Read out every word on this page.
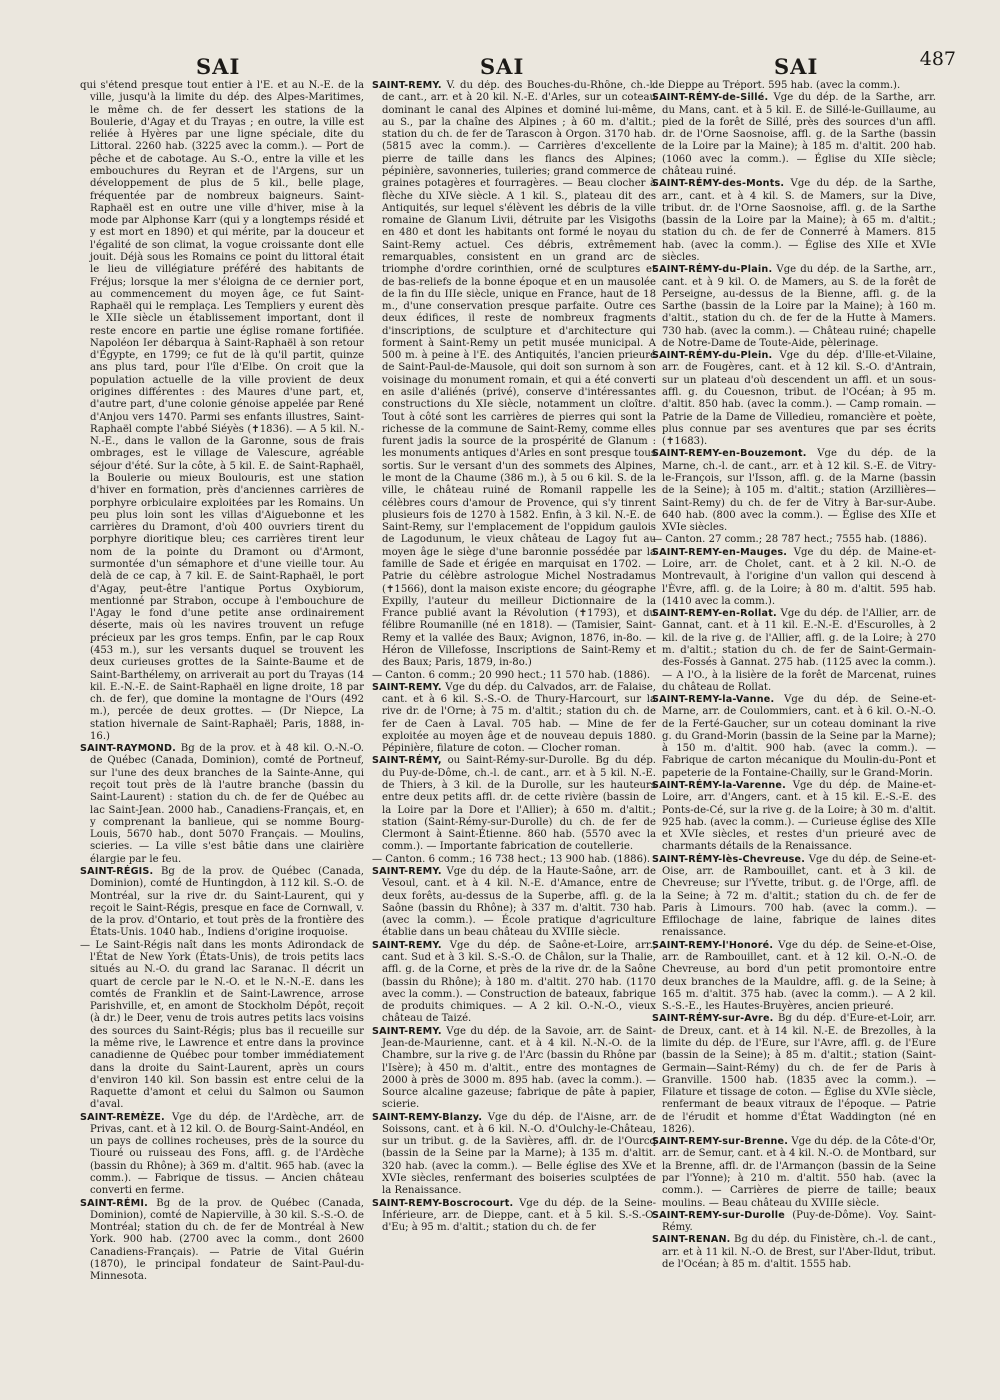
SAI	SAI	SAI	487

qui s'étend presque tout entier à l'E. et au N.-E. de la ville, jusqu'à la limite du dép. des Alpes-Maritimes, le même ch. de fer dessert les stations de la Boulerie, d'Agay et du Trayas ; en outre, la ville est reliée à Hyères par une ligne spéciale, dite du Littoral. 2260 hab. (3225 avec la comm.). — Port de pêche et de cabotage. Au S.-O., entre la ville et les embouchures du Reyran et de l'Argens, sur un développement de plus de 5 kil., belle plage, fréquentée par de nombreux baigneurs. Saint-Raphaël est en outre une ville d'hiver, mise à la mode par Alphonse Karr (qui y a longtemps résidé et y est mort en 1890) et qui mérite, par la douceur et l'égalité de son climat, la vogue croissante dont elle jouit. Déjà sous les Romains ce point du littoral était le lieu de villégiature préféré des habitants de Fréjus; lorsque la mer s'éloigna de ce dernier port, au commencement du moyen âge, ce fut Saint-Raphaël qui le remplaça. Les Templiers y eurent dès le XIIe siècle un établissement important, dont il reste encore en partie une église romane fortifiée. Napoléon Ier débarqua à Saint-Raphaël à son retour d'Égypte, en 1799; ce fut de là qu'il partit, quinze ans plus tard, pour l'île d'Elbe. On croit que la population actuelle de la ville provient de deux origines différentes : des Maures d'une part, et, d'autre part, d'une colonie génoise appelée par René d'Anjou vers 1470. Parmi ses enfants illustres, Saint-Raphaël compte l'abbé Siéyès (✝1836). — A 5 kil. N.-N.-E., dans le vallon de la Garonne, sous de frais ombrages, est le village de Valescure, agréable séjour d'été. Sur la côte, à 5 kil. E. de Saint-Raphaël, la Boulerie ou mieux Boulouris, est une station d'hiver en formation, près d'anciennes carrières de porphyre orbiculaire exploitées par les Romains. Un peu plus loin sont les villas d'Aiguebonne et les carrières du Dramont, d'où 400 ouvriers tirent du porphyre dioritique bleu; ces carrières tirent leur nom de la pointe du Dramont ou d'Armont, surmontée d'un sémaphore et d'une vieille tour. Au delà de ce cap, à 7 kil. E. de Saint-Raphaël, le port d'Agay, peut-être l'antique Portus Oxybiorum, mentionné par Strabon, occupe à l'embouchure de l'Agay le fond d'une petite anse ordinairement déserte, mais où les navires trouvent un refuge précieux par les gros temps. Enfin, par le cap Roux (453 m.), sur les versants duquel se trouvent les deux curieuses grottes de la Sainte-Baume et de Saint-Barthélemy, on arriverait au port du Trayas (14 kil. E.-N.-E. de Saint-Raphaël en ligne droite, 18 par ch. de fer), que domine la montagne de l'Ours (492 m.), percée de deux grottes. — (Dr Niepce, La station hivernale de Saint-Raphaël; Paris, 1888, in-16.)

SAINT-RAYMOND. Bg de la prov. et à 48 kil. O.-N.-O. de Québec (Canada, Dominion), comté de Portneuf, sur l'une des deux branches de la Sainte-Anne, qui reçoit tout près de là l'autre branche (bassin du Saint-Laurent) : station du ch. de fer de Québec au lac Saint-Jean. 2000 hab., Canadiens-Français, et, en y comprenant la banlieue, qui se nomme Bourg-Louis, 5670 hab., dont 5070 Français. — Moulins, scieries. — La ville s'est bâtie dans une clairière élargie par le feu.

SAINT-RÉGIS. Bg de la prov. de Québec (Canada, Dominion), comté de Huntingdon, à 112 kil. S.-O. de Montréal, sur la rive dr. du Saint-Laurent, qui y reçoit le Saint-Régis, presque en face de Cornwall, v. de la prov. d'Ontario, et tout près de la frontière des États-Unis. 1040 hab., Indiens d'origine iroquoise.

— Le Saint-Régis naît dans les monts Adirondack de l'État de New York (États-Unis), de trois petits lacs situés au N.-O. du grand lac Saranac. Il décrit un quart de cercle par le N.-O. et le N.-N.-E. dans les comtés de Franklin et de Saint-Lawrence, arrose Parishville, et, en amont de Stockholm Dépôt, reçoit (à dr.) le Deer, venu de trois autres petits lacs voisins des sources du Saint-Régis; plus bas il recueille sur la même rive, le Lawrence et entre dans la province canadienne de Québec pour tomber immédiatement dans la droite du Saint-Laurent, après un cours d'environ 140 kil. Son bassin est entre celui de la Raquette d'amont et celui du Salmon ou Saumon d'aval.

SAINT-REMÈZE. Vge du dép. de l'Ardèche, arr. de Privas, cant. et à 12 kil. O. de Bourg-Saint-Andéol, en un pays de collines rocheuses, près de la source du Tiouré ou ruisseau des Fons, affl. g. de l'Ardèche (bassin du Rhône); à 369 m. d'altit. 965 hab. (avec la comm.). — Fabrique de tissus. — Ancien château converti en ferme.

SAINT-RÉMI. Bg de la prov. de Québec (Canada, Dominion), comté de Napierville, à 30 kil. S.-S.-O. de Montréal; station du ch. de fer de Montréal à New York. 900 hab. (2700 avec la comm., dont 2600 Canadiens-Français). — Patrie de Vital Guérin (1870), le principal fondateur de Saint-Paul-du-Minnesota.

SAINT-REMY. V. du dép. des Bouches-du-Rhône, ch.-l. de cant., arr. et à 20 kil. N.-E. d'Arles, sur un coteau dominant le canal des Alpines et dominé lui-même, au S., par la chaîne des Alpines ; à 60 m. d'altit.; station du ch. de fer de Tarascon à Orgon. 3170 hab. (5815 avec la comm.). — Carrières d'excellente pierre de taille dans les flancs des Alpines; pépinière, savonneries, tuileries; grand commerce de graines potagères et fourragères. — Beau clocher à flèche du XIVe siècle. A 1 kil. S., plateau dit des Antiquités, sur lequel s'élèvent les débris de la ville romaine de Glanum Livii, détruite par les Visigoths en 480 et dont les habitants ont formé le noyau du Saint-Remy actuel. Ces débris, extrêmement remarquables, consistent en un grand arc de triomphe d'ordre corinthien, orné de sculptures et de bas-reliefs de la bonne époque et en un mausolée de la fin du IIIe siècle, unique en France, haut de 18 m., d'une conservation presque parfaite. Outre ces deux édifices, il reste de nombreux fragments d'inscriptions, de sculpture et d'architecture qui forment à Saint-Remy un petit musée municipal. A 500 m. à peine à l'E. des Antiquités, l'ancien prieuré de Saint-Paul-de-Mausole, qui doit son surnom à son voisinage du monument romain, et qui a été converti en asile d'aliénés (privé), conserve d'intéressantes constructions du XIe siècle, notamment un cloître. Tout à côté sont les carrières de pierres qui sont la richesse de la commune de Saint-Remy, comme elles furent jadis la source de la prospérité de Glanum : les monuments antiques d'Arles en sont presque tous sortis. Sur le versant d'un des sommets des Alpines, le mont de la Chaume (386 m.), à 5 ou 6 kil. S. de la ville, le château ruiné de Romanil rappelle les célèbres cours d'amour de Provence, qui s'y tinrent plusieurs fois de 1270 à 1582. Enfin, à 3 kil. N.-E. de Saint-Remy, sur l'emplacement de l'oppidum gaulois de Lagodunum, le vieux château de Lagoy fut au moyen âge le siège d'une baronnie possédée par la famille de Sade et érigée en marquisat en 1702. — Patrie du célèbre astrologue Michel Nostradamus (✝1566), dont la maison existe encore; du géographe Expilly, l'auteur du meilleur Dictionnaire de la France publié avant la Révolution (✝1793), et du félibre Roumanille (né en 1818). — (Tamisier, Saint-Remy et la vallée des Baux; Avignon, 1876, in-8o. — Héron de Villefosse, Inscriptions de Saint-Remy et des Baux; Paris, 1879, in-8o.)

— Canton. 6 comm.; 20 990 hect.; 11 570 hab. (1886).

SAINT-REMY. Vge du dép. du Calvados, arr. de Falaise, cant. et à 6 kil. S.-S.-O. de Thury-Harcourt, sur la rive dr. de l'Orne; à 75 m. d'altit.; station du ch. de fer de Caen à Laval. 705 hab. — Mine de fer exploitée au moyen âge et de nouveau depuis 1880. Pépinière, filature de coton. — Clocher roman.

SAINT-RÉMY, ou Saint-Rémy-sur-Durolle. Bg du dép. du Puy-de-Dôme, ch.-l. de cant., arr. et à 5 kil. N.-E. de Thiers, à 3 kil. de la Durolle, sur les hauteurs entre deux petits affl. dr. de cette rivière (bassin de la Loire par la Dore et l'Allier); à 650 m. d'altit.; station (Saint-Rémy-sur-Durolle) du ch. de fer de Clermont à Saint-Étienne. 860 hab. (5570 avec la comm.). — Importante fabrication de coutellerie.

— Canton. 6 comm.; 16 738 hect.; 13 900 hab. (1886).

SAINT-REMY. Vge du dép. de la Haute-Saône, arr. de Vesoul, cant. et à 4 kil. N.-E. d'Amance, entre de deux forêts, au-dessus de la Superbe, affl. g. de la Saône (bassin du Rhône); à 337 m. d'altit. 730 hab. (avec la comm.). — École pratique d'agriculture établie dans un beau château du XVIIIe siècle.

SAINT-REMY. Vge du dép. de Saône-et-Loire, arr., cant. Sud et à 3 kil. S.-S.-O. de Châlon, sur la Thalie, affl. g. de la Corne, et près de la rive dr. de la Saône (bassin du Rhône); à 180 m. d'altit. 270 hab. (1170 avec la comm.). — Construction de bateaux, fabrique de produits chimiques. — A 2 kil. O.-N.-O., vieux château de Taizé.

SAINT-REMY. Vge du dép. de la Savoie, arr. de Saint-Jean-de-Maurienne, cant. et à 4 kil. N.-N.-O. de la Chambre, sur la rive g. de l'Arc (bassin du Rhône par l'Isère); à 450 m. d'altit., entre des montagnes de 2000 à près de 3000 m. 895 hab. (avec la comm.). — Source alcaline gazeuse; fabrique de pâte à papier, scierie.

SAINT-REMY-Blanzy. Vge du dép. de l'Aisne, arr. de Soissons, cant. et à 6 kil. N.-O. d'Oulchy-le-Château, sur un tribut. g. de la Savières, affl. dr. de l'Ourcq (bassin de la Seine par la Marne); à 135 m. d'altit. 320 hab. (avec la comm.). — Belle église des XVe et XVIe siècles, renfermant des boiseries sculptées de la Renaissance.

SAINT-REMY-Boscrocourt. Vge du dép. de la Seine-Inférieure, arr. de Dieppe, cant. et à 5 kil. S.-S.-O. d'Eu; à 95 m. d'altit.; station du ch. de fer

de Dieppe au Tréport. 595 hab. (avec la comm.).

SAINT-RÉMY-de-Sillé. Vge du dép. de la Sarthe, arr. du Mans, cant. et à 5 kil. E. de Sillé-le-Guillaume, au pied de la forêt de Sillé, près des sources d'un affl. dr. de l'Orne Saosnoise, affl. g. de la Sarthe (bassin de la Loire par la Maine); à 185 m. d'altit. 200 hab. (1060 avec la comm.). — Église du XIIe siècle; château ruiné.

SAINT-RÉMY-des-Monts. Vge du dép. de la Sarthe, arr., cant. et à 4 kil. S. de Mamers, sur la Dive, tribut. dr. de l'Orne Saosnoise, affl. g. de la Sarthe (bassin de la Loire par la Maine); à 65 m. d'altit.; station du ch. de fer de Connerré à Mamers. 815 hab. (avec la comm.). — Église des XIIe et XVIe siècles.

SAINT-RÉMY-du-Plain. Vge du dép. de la Sarthe, arr., cant. et à 9 kil. O. de Mamers, au S. de la forêt de Perseigne, au-dessus de la Bienne, affl. g. de la Sarthe (bassin de la Loire par la Maine); à 160 m. d'altit., station du ch. de fer de la Hutte à Mamers. 730 hab. (avec la comm.). — Château ruiné; chapelle de Notre-Dame de Toute-Aide, pèlerinage.

SAINT-RÉMY-du-Plein. Vge du dép. d'Ille-et-Vilaine, arr. de Fougères, cant. et à 12 kil. S.-O. d'Antrain, sur un plateau d'où descendent un affl. et un sous-affl. g. du Couesnon, tribut. de l'Océan; à 95 m. d'altit. 850 hab. (avec la comm.). — Camp romain. — Patrie de la Dame de Villedieu, romancière et poète, plus connue par ses aventures que par ses écrits (✝1683).

SAINT-REMY-en-Bouzemont. Vge du dép. de la Marne, ch.-l. de cant., arr. et à 12 kil. S.-E. de Vitry-le-François, sur l'Isson, affl. g. de la Marne (bassin de la Seine); à 105 m. d'altit.; station (Arzillières—Saint-Remy) du ch. de fer de Vitry à Bar-sur-Aube. 640 hab. (800 avec la comm.). — Église des XIIe et XVIe siècles.

— Canton. 27 comm.; 28 787 hect.; 7555 hab. (1886).

SAINT-REMY-en-Mauges. Vge du dép. de Maine-et-Loire, arr. de Cholet, cant. et à 2 kil. N.-O. de Montrevault, à l'origine d'un vallon qui descend à l'Èvre, affl. g. de la Loire; à 80 m. d'altit. 595 hab. (1410 avec la comm.).

SAINT-REMY-en-Rollat. Vge du dép. de l'Allier, arr. de Gannat, cant. et à 11 kil. E.-N.-E. d'Escurolles, à 2 kil. de la rive g. de l'Allier, affl. g. de la Loire; à 270 m. d'altit.; station du ch. de fer de Saint-Germain-des-Fossés à Gannat. 275 hab. (1125 avec la comm.). — A l'O., à la lisière de la forêt de Marcenat, ruines du château de Rollat.

SAINT-REMY-la-Vanne. Vge du dép. de Seine-et-Marne, arr. de Coulommiers, cant. et à 6 kil. O.-N.-O. de la Ferté-Gaucher, sur un coteau dominant la rive g. du Grand-Morin (bassin de la Seine par la Marne); à 150 m. d'altit. 900 hab. (avec la comm.). — Fabrique de carton mécanique du Moulin-du-Pont et papeterie de la Fontaine-Chailly, sur le Grand-Morin.

SAINT-RÉMY-la-Varenne. Vge du dép. de Maine-et-Loire, arr. d'Angers, cant. et à 15 kil. E.-S.-E. des Ponts-de-Cé, sur la rive g. de la Loire; à 30 m. d'altit. 925 hab. (avec la comm.). — Curieuse église des XIIe et XVIe siècles, et restes d'un prieuré avec de charmants détails de la Renaissance.

SAINT-RÉMY-lès-Chevreuse. Vge du dép. de Seine-et-Oise, arr. de Rambouillet, cant. et à 3 kil. de Chevreuse; sur l'Yvette, tribut. g. de l'Orge, affl. de la Seine; à 72 m. d'altit.; station du ch. de fer de Paris à Limours. 700 hab. (avec la comm.). — Effilochage de laine, fabrique de laines dites renaissance.

SAINT-REMY-l'Honoré. Vge du dép. de Seine-et-Oise, arr. de Rambouillet, cant. et à 12 kil. O.-N.-O. de Chevreuse, au bord d'un petit promontoire entre deux branches de la Mauldre, affl. g. de la Seine; à 165 m. d'altit. 375 hab. (avec la comm.). — A 2 kil. S.-S.-E., les Hautes-Bruyères, ancien prieuré.

SAINT-RÉMY-sur-Avre. Bg du dép. d'Eure-et-Loir, arr. de Dreux, cant. et à 14 kil. N.-E. de Brezolles, à la limite du dép. de l'Eure, sur l'Avre, affl. g. de l'Eure (bassin de la Seine); à 85 m. d'altit.; station (Saint-Germain—Saint-Rémy) du ch. de fer de Paris à Granville. 1500 hab. (1835 avec la comm.). — Filature et tissage de coton. — Église du XVIe siècle, renfermant de beaux vitraux de l'époque. — Patrie de l'érudit et homme d'État Waddington (né en 1826).

SAINT-REMY-sur-Brenne. Vge du dép. de la Côte-d'Or, arr. de Semur, cant. et à 4 kil. N.-O. de Montbard, sur la Brenne, affl. dr. de l'Armançon (bassin de la Seine par l'Yonne); à 210 m. d'altit. 550 hab. (avec la comm.). — Carrières de pierre de taille; beaux moulins. — Beau château du XVIIIe siècle.

SAINT-REMY-sur-Durolle (Puy-de-Dôme). Voy. Saint-Rémy.

SAINT-RENAN. Bg du dép. du Finistère, ch.-l. de cant., arr. et à 11 kil. N.-O. de Brest, sur l'Aber-Ildut, tribut. de l'Océan; à 85 m. d'altit. 1555 hab.
